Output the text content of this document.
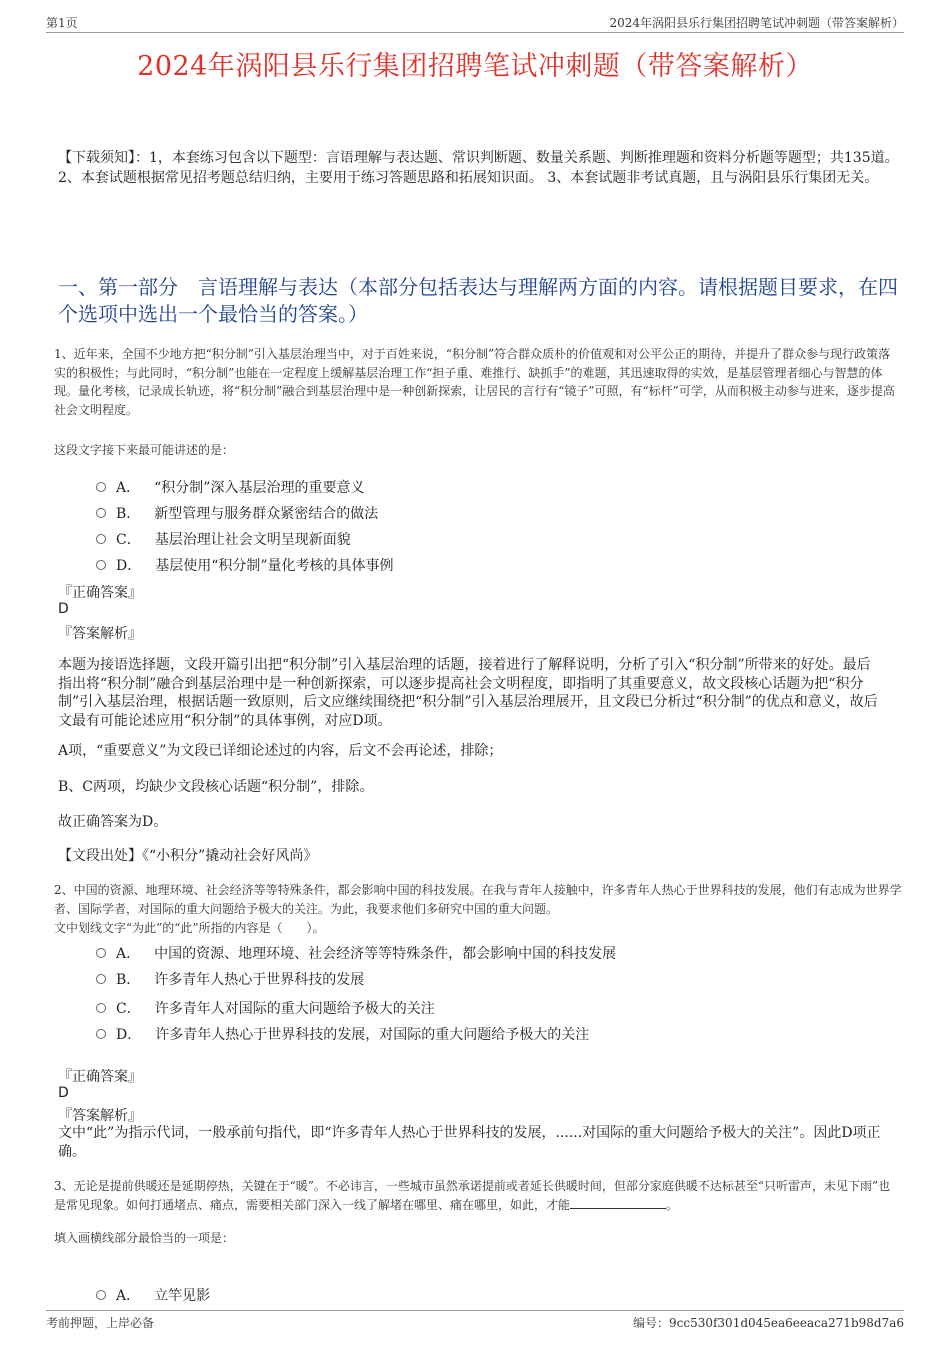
第1页	2024年涡阳县乐行集团招聘笔试冲刺题（带答案解析）
2024年涡阳县乐行集团招聘笔试冲刺题（带答案解析）
【下载须知】：1，本套练习包含以下题型：言语理解与表达题、常识判断题、数量关系题、判断推理题和资料分析题等题型；共135道。 2、本套试题根据常见招考题总结归纳，主要用于练习答题思路和拓展知识面。 3、本套试题非考试真题，且与涡阳县乐行集团无关。
一、第一部分　言语理解与表达（本部分包括表达与理解两方面的内容。请根据题目要求，在四个选项中选出一个最恰当的答案。）
1、近年来，全国不少地方把“积分制”引入基层治理当中，对于百姓来说，“积分制”符合群众质朴的价值观和对公平公正的期待，并提升了群众参与现行政策落实的积极性；与此同时，“积分制”也能在一定程度上缓解基层治理工作“担子重、难推行、缺抓手”的难题，其迅速取得的实效，是基层管理者细心与智慧的体现。量化考核，记录成长轨迹，将“积分制”融合到基层治理中是一种创新探索，让居民的言行有“镜子”可照，有“标杆”可学，从而积极主动参与进来，逐步提高社会文明程度。
这段文字接下来最可能讲述的是：
A． “积分制”深入基层治理的重要意义
B． 新型管理与服务群众紧密结合的做法
C． 基层治理让社会文明呈现新面貌
D． 基层使用“积分制”量化考核的具体事例
『正确答案』
D
『答案解析』
本题为接语选择题，文段开篇引出把“积分制”引入基层治理的话题，接着进行了解释说明，分析了引入“积分制”所带来的好处。最后指出将“积分制”融合到基层治理中是一种创新探索，可以逐步提高社会文明程度，即指明了其重要意义，故文段核心话题为把“积分制”引入基层治理，根据话题一致原则，后文应继续围绕把“积分制”引入基层治理展开，且文段已分析过“积分制”的优点和意义，故后文最有可能论述应用“积分制”的具体事例，对应D项。
A项，“重要意义”为文段已详细论述过的内容，后文不会再论述，排除；
B、C两项，均缺少文段核心话题“积分制”，排除。
故正确答案为D。
【文段出处】《“小积分”撬动社会好风尚》
2、中国的资源、地理环境、社会经济等等特殊条件，都会影响中国的科技发展。在我与青年人接触中，许多青年人热心于世界科技的发展，他们有志成为世界学者、国际学者，对国际的重大问题给予极大的关注。为此，我要求他们多研究中国的重大问题。
文中划线文字“为此”的“此”所指的内容是（　　）。
A． 中国的资源、地理环境、社会经济等等特殊条件，都会影响中国的科技发展
B． 许多青年人热心于世界科技的发展
C． 许多青年人对国际的重大问题给予极大的关注
D． 许多青年人热心于世界科技的发展，对国际的重大问题给予极大的关注
『正确答案』
D
『答案解析』
文中“此”为指示代词，一般承前句指代，即“许多青年人热心于世界科技的发展，......对国际的重大问题给予极大的关注”。因此D项正确。
3、无论是提前供暖还是延期停热，关键在于“暖”。不必讳言，一些城市虽然承诺提前或者延长供暖时间，但部分家庭供暖不达标甚至“只听雷声，未见下雨”也是常见现象。如何打通堵点、痛点，需要相关部门深入一线了解堵在哪里、痛在哪里，如此，才能	。
填入画横线部分最恰当的一项是：
A． 立竿见影
考前押题，上岸必备	编号：9cc530f301d045ea6eeaca271b98d7a6
